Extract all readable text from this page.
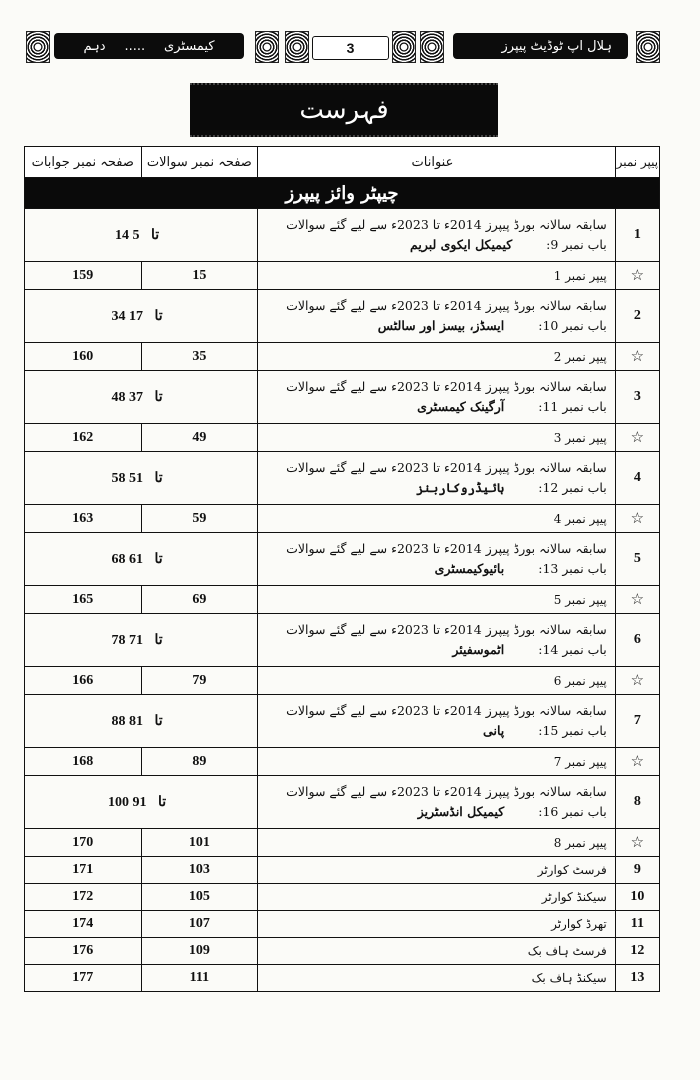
کیمسٹری
.....
دہم	3	ہلال اپ ٹوڈیٹ پیپرز
فہرست
پیپر نمبر	عنوانات	صفحہ نمبر سوالات	صفحہ نمبر جوابات
چیپٹر وائز پیپرز			
1	سابقہ سالانہ بورڈ پیپرز 2014ء تا 2023ء سے لیے گئے سوالات
باب نمبر 9: کیمیکل ایکوی لبریم	14 تا 5	
☆	پیپر نمبر 1	15	159
2	سابقہ سالانہ بورڈ پیپرز 2014ء تا 2023ء سے لیے گئے سوالات
باب نمبر 10: ایسڈز، بیسز اور سالٹس	34 تا 17	
☆	پیپر نمبر 2	35	160
3	سابقہ سالانہ بورڈ پیپرز 2014ء تا 2023ء سے لیے گئے سوالات
باب نمبر 11: آرگینک کیمسٹری	48 تا 37	
☆	پیپر نمبر 3	49	162
4	سابقہ سالانہ بورڈ پیپرز 2014ء تا 2023ء سے لیے گئے سوالات
باب نمبر 12: ہائیڈروکاربنز	58 تا 51	
☆	پیپر نمبر 4	59	163
5	سابقہ سالانہ بورڈ پیپرز 2014ء تا 2023ء سے لیے گئے سوالات
باب نمبر 13: بائیوکیمسٹری	68 تا 61	
☆	پیپر نمبر 5	69	165
6	سابقہ سالانہ بورڈ پیپرز 2014ء تا 2023ء سے لیے گئے سوالات
باب نمبر 14: اٹموسفیئر	78 تا 71	
☆	پیپر نمبر 6	79	166
7	سابقہ سالانہ بورڈ پیپرز 2014ء تا 2023ء سے لیے گئے سوالات
باب نمبر 15: پانی	88 تا 81	
☆	پیپر نمبر 7	89	168
8	سابقہ سالانہ بورڈ پیپرز 2014ء تا 2023ء سے لیے گئے سوالات
باب نمبر 16: کیمیکل انڈسٹریز	100 تا 91	
☆	پیپر نمبر 8	101	170
9	فرسٹ کوارٹر	103	171
10	سیکنڈ کوارٹر	105	172
11	تھرڈ کوارٹر	107	174
12	فرسٹ ہاف بک	109	176
13	سیکنڈ ہاف بک	111	177
